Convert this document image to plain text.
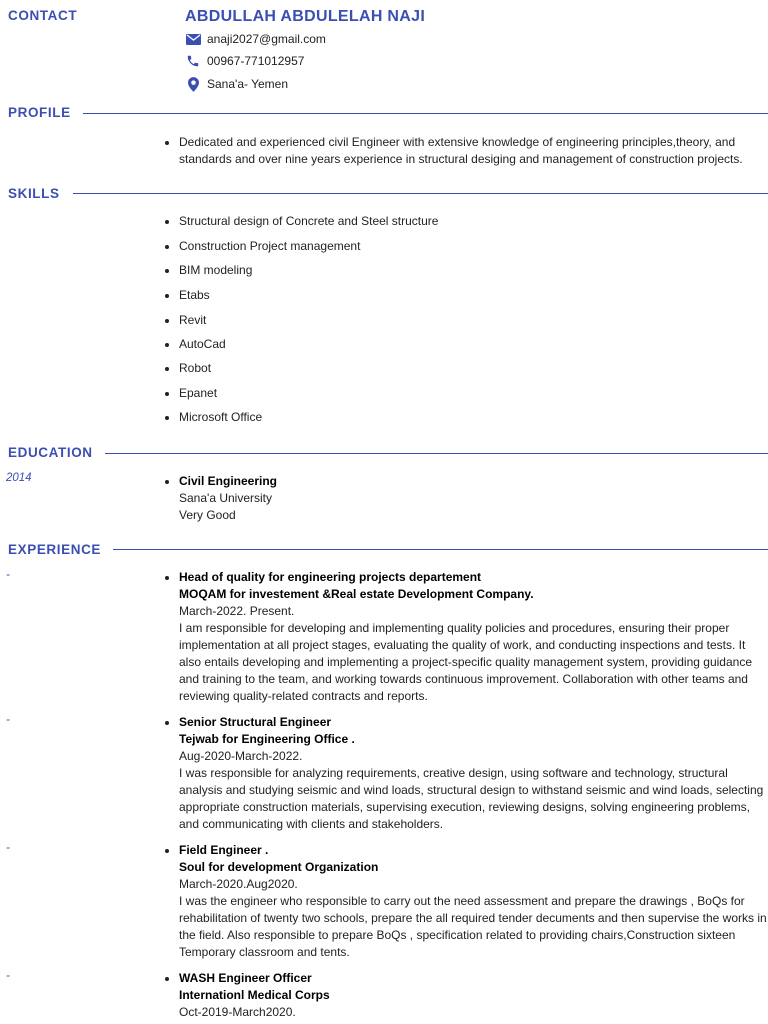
CONTACT	ABDULLAH ABDULELAH NAJI
anaji2027@gmail.com
00967-771012957
Sana'a- Yemen
PROFILE
Dedicated and experienced civil Engineer with extensive knowledge of engineering principles,theory, and
standards and over nine years experience in structural desiging and management of construction projects.
SKILLS
Structural design of Concrete and Steel structure
Construction Project management
BIM modeling
Etabs
Revit
AutoCad
Robot
Epanet
Microsoft Office
EDUCATION
2014	Civil Engineering
Sana'a University
Very Good
EXPERIENCE
-	Head of quality for engineering projects departement
MOQAM for investement &Real estate Development Company.
March-2022. Present.
I am responsible for developing and implementing quality policies and procedures, ensuring their proper implementation at all project stages, evaluating the quality of work, and conducting inspections and tests. It also entails developing and implementing a project-specific quality management system, providing guidance and training to the team, and working towards continuous improvement. Collaboration with other teams and reviewing quality-related contracts and reports.
-	Senior Structural Engineer
Tejwab for Engineering Office .
Aug-2020-March-2022.
I was responsible for analyzing requirements, creative design, using software and technology, structural analysis and studying seismic and wind loads, structural design to withstand seismic and wind loads, selecting appropriate construction materials, supervising execution, reviewing designs, solving engineering problems, and communicating with clients and stakeholders.
-	Field Engineer .
Soul for development Organization
March-2020.Aug2020.
I was the engineer who responsible to carry out the need assessment and prepare the drawings , BoQs for rehabilitation of twenty two schools, prepare the all required tender decuments and then supervise the works in the field. Also responsible to prepare BoQs , specification related to providing chairs,Construction sixteen Temporary classroom and tents.
-	WASH Engineer Officer
Internationl Medical Corps
Oct-2019-March2020.
